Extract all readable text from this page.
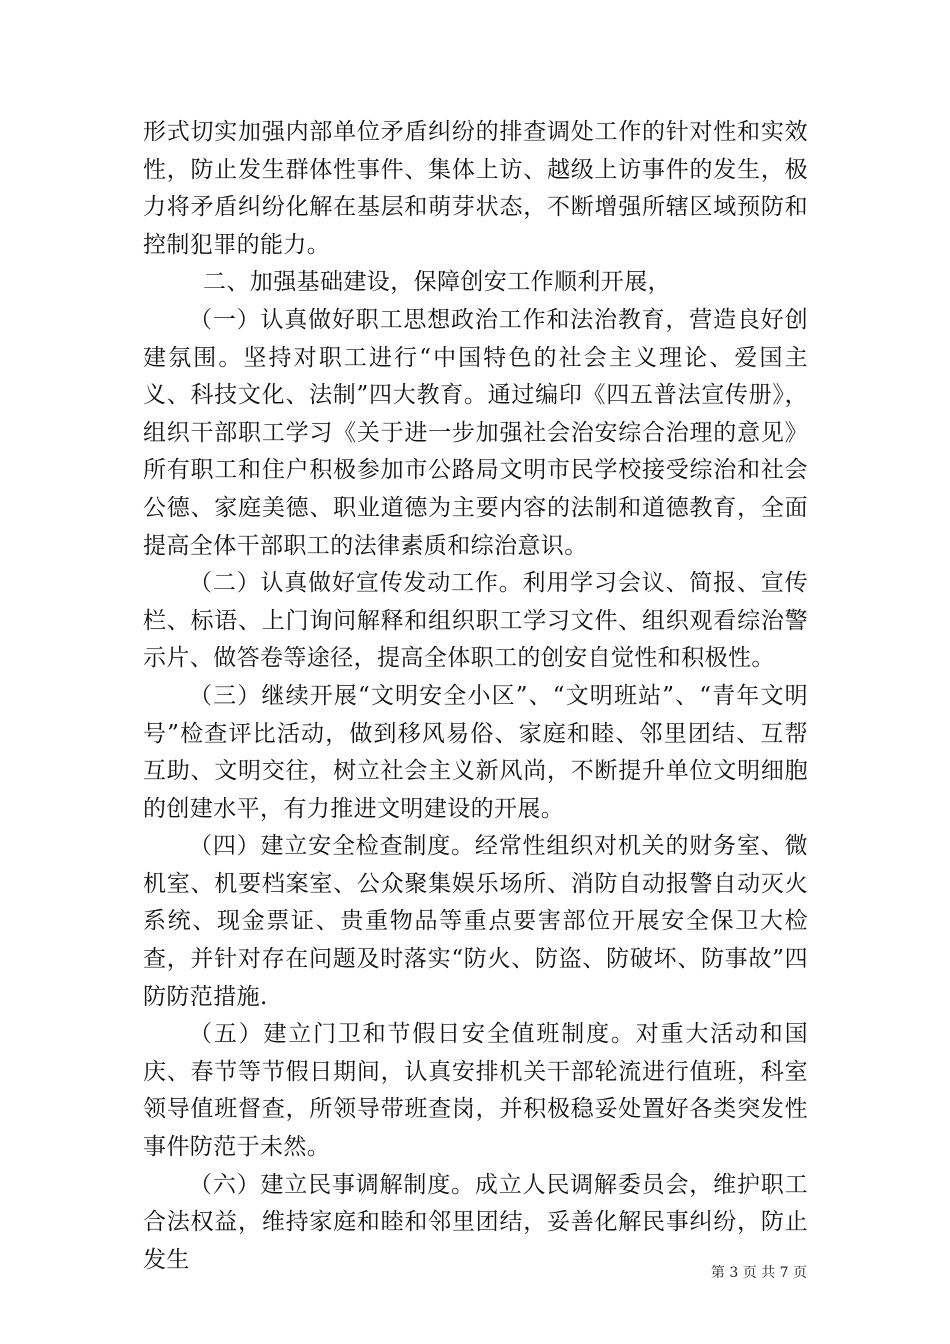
形式切实加强内部单位矛盾纠纷的排查调处工作的针对性和实效性，防止发生群体性事件、集体上访、越级上访事件的发生，极力将矛盾纠纷化解在基层和萌芽状态，不断增强所辖区域预防和控制犯罪的能力。

二、加强基础建设，保障创安工作顺利开展，

（一）认真做好职工思想政治工作和法治教育，营造良好创建氛围。坚持对职工进行“中国特色的社会主义理论、爱国主义、科技文化、法制”四大教育。通过编印《四五普法宣传册》，组织干部职工学习《关于进一步加强社会治安综合治理的意见》所有职工和住户积极参加市公路局文明市民学校接受综治和社会公德、家庭美德、职业道德为主要内容的法制和道德教育，全面提高全体干部职工的法律素质和综治意识。

（二）认真做好宣传发动工作。利用学习会议、简报、宣传栏、标语、上门询问解释和组织职工学习文件、组织观看综治警示片、做答卷等途径，提高全体职工的创安自觉性和积极性。

（三）继续开展“文明安全小区”、“文明班站”、“青年文明号”检查评比活动，做到移风易俗、家庭和睦、邻里团结、互帮互助、文明交往，树立社会主义新风尚，不断提升单位文明细胞的创建水平，有力推进文明建设的开展。

（四）建立安全检查制度。经常性组织对机关的财务室、微机室、机要档案室、公众聚集娱乐场所、消防自动报警自动灭火系统、现金票证、贵重物品等重点要害部位开展安全保卫大检查，并针对存在问题及时落实“防火、防盗、防破坏、防事故”四防防范措施.

（五）建立门卫和节假日安全值班制度。对重大活动和国庆、春节等节假日期间，认真安排机关干部轮流进行值班，科室领导值班督查，所领导带班查岗，并积极稳妥处置好各类突发性事件防范于未然。

（六）建立民事调解制度。成立人民调解委员会，维护职工合法权益，维持家庭和睦和邻里团结，妥善化解民事纠纷，防止发生

第 3 页 共 7 页
